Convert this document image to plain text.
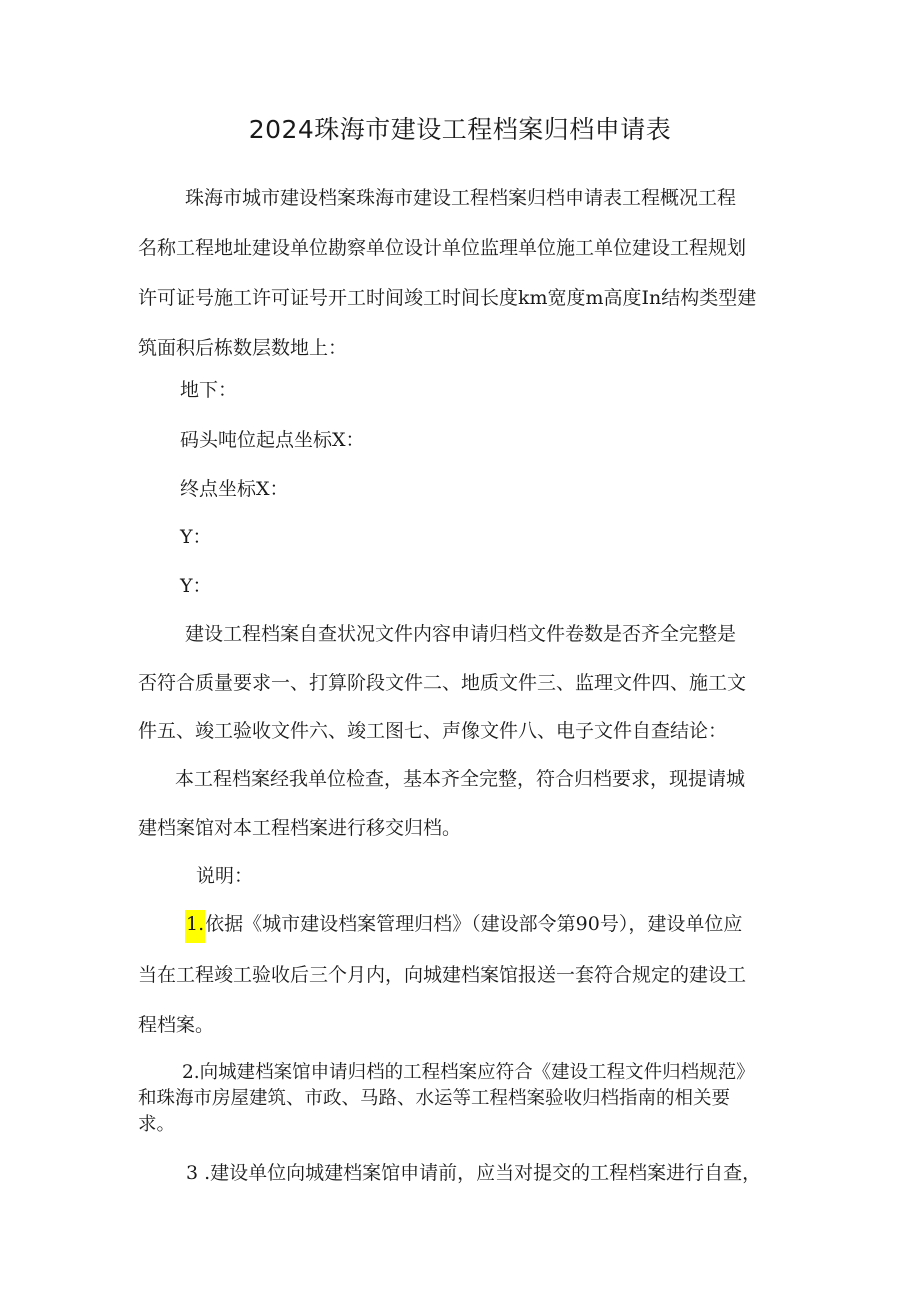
2024珠海市建设工程档案归档申请表

珠海市城市建设档案珠海市建设工程档案归档申请表工程概况工程

名称工程地址建设单位勘察单位设计单位监理单位施工单位建设工程规划

许可证号施工许可证号开工时间竣工时间长度km宽度m高度In结构类型建

筑面积后栋数层数地上：

地下：

码头吨位起点坐标X：

终点坐标X：

Y：

Y：

建设工程档案自查状况文件内容申请归档文件卷数是否齐全完整是

否符合质量要求一、打算阶段文件二、地质文件三、监理文件四、施工文

件五、竣工验收文件六、竣工图七、声像文件八、电子文件自查结论：

本工程档案经我单位检查，基本齐全完整，符合归档要求，现提请城

建档案馆对本工程档案进行移交归档。

说明：

1.依据《城市建设档案管理归档》（建设部令第90号），建设单位应

当在工程竣工验收后三个月内，向城建档案馆报送一套符合规定的建设工

程档案。

2.向城建档案馆申请归档的工程档案应符合《建设工程文件归档规范》

和珠海市房屋建筑、市政、马路、水运等工程档案验收归档指南的相关要

求。

3 .建设单位向城建档案馆申请前，应当对提交的工程档案进行自查，
